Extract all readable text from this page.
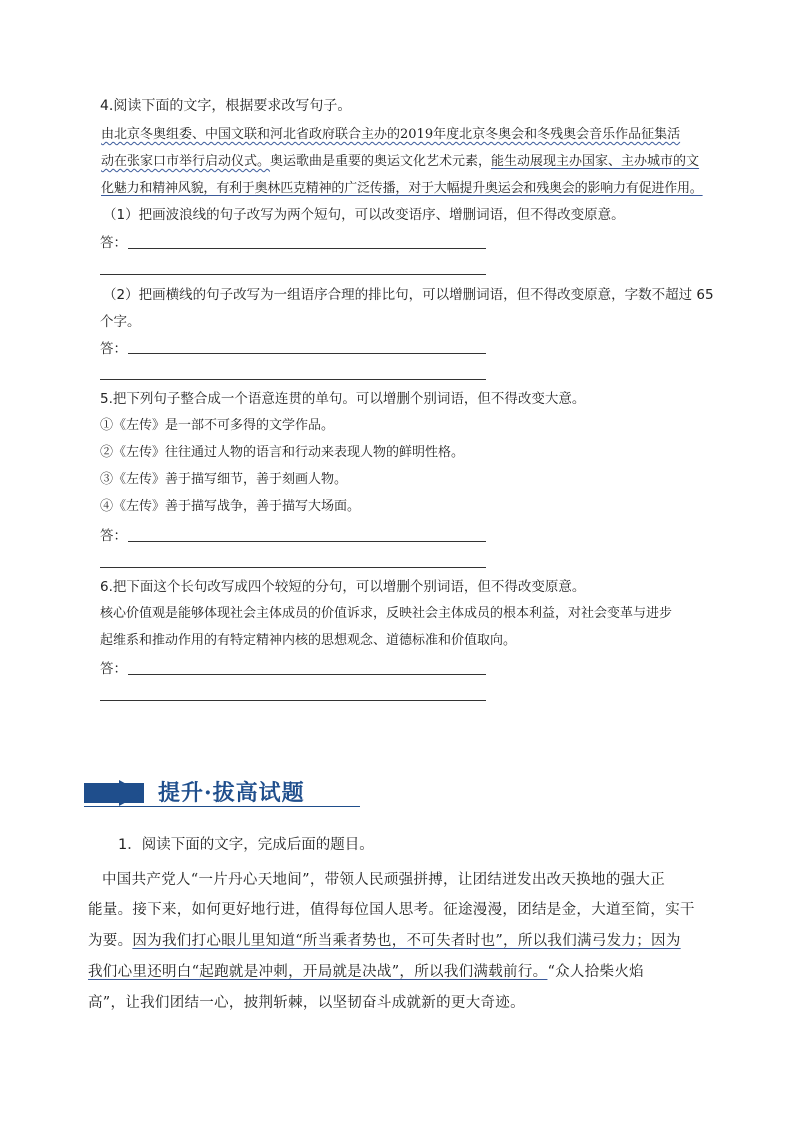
4.阅读下面的文字，根据要求改写句子。
由北京冬奥组委、中国文联和河北省政府联合主办的2019年度北京冬奥会和冬残奥会音乐作品征集活
动在张家口市举行启动仪式。奥运歌曲是重要的奥运文化艺术元素，能生动展现主办国家、主办城市的文
化魅力和精神风貌，有利于奥林匹克精神的广泛传播，对于大幅提升奥运会和残奥会的影响力有促进作用。
（1）把画波浪线的句子改写为两个短句，可以改变语序、增删词语，但不得改变原意。
答：
（2）把画横线的句子改写为一组语序合理的排比句，可以增删词语，但不得改变原意，字数不超过 65
个字。
答：
5.把下列句子整合成一个语意连贯的单句。可以增删个别词语，但不得改变大意。
①《左传》是一部不可多得的文学作品。
②《左传》往往通过人物的语言和行动来表现人物的鲜明性格。
③《左传》善于描写细节，善于刻画人物。
④《左传》善于描写战争，善于描写大场面。
答：
6.把下面这个长句改写成四个较短的分句，可以增删个别词语，但不得改变原意。
核心价值观是能够体现社会主体成员的价值诉求，反映社会主体成员的根本利益，对社会变革与进步
起维系和推动作用的有特定精神内核的思想观念、道德标准和价值取向。
答：
提升·拔高试题
1．阅读下面的文字，完成后面的题目。
中国共产党人“一片丹心天地间”，带领人民顽强拼搏，让团结迸发出改天换地的强大正
能量。接下来，如何更好地行进，值得每位国人思考。征途漫漫，团结是金，大道至简，实干
为要。因为我们打心眼儿里知道“所当乘者势也，不可失者时也”，所以我们满弓发力；因为
我们心里还明白“起跑就是冲刺，开局就是决战”，所以我们满载前行。“众人拾柴火焰
高”，让我们团结一心，披荆斩棘，以坚韧奋斗成就新的更大奇迹。
